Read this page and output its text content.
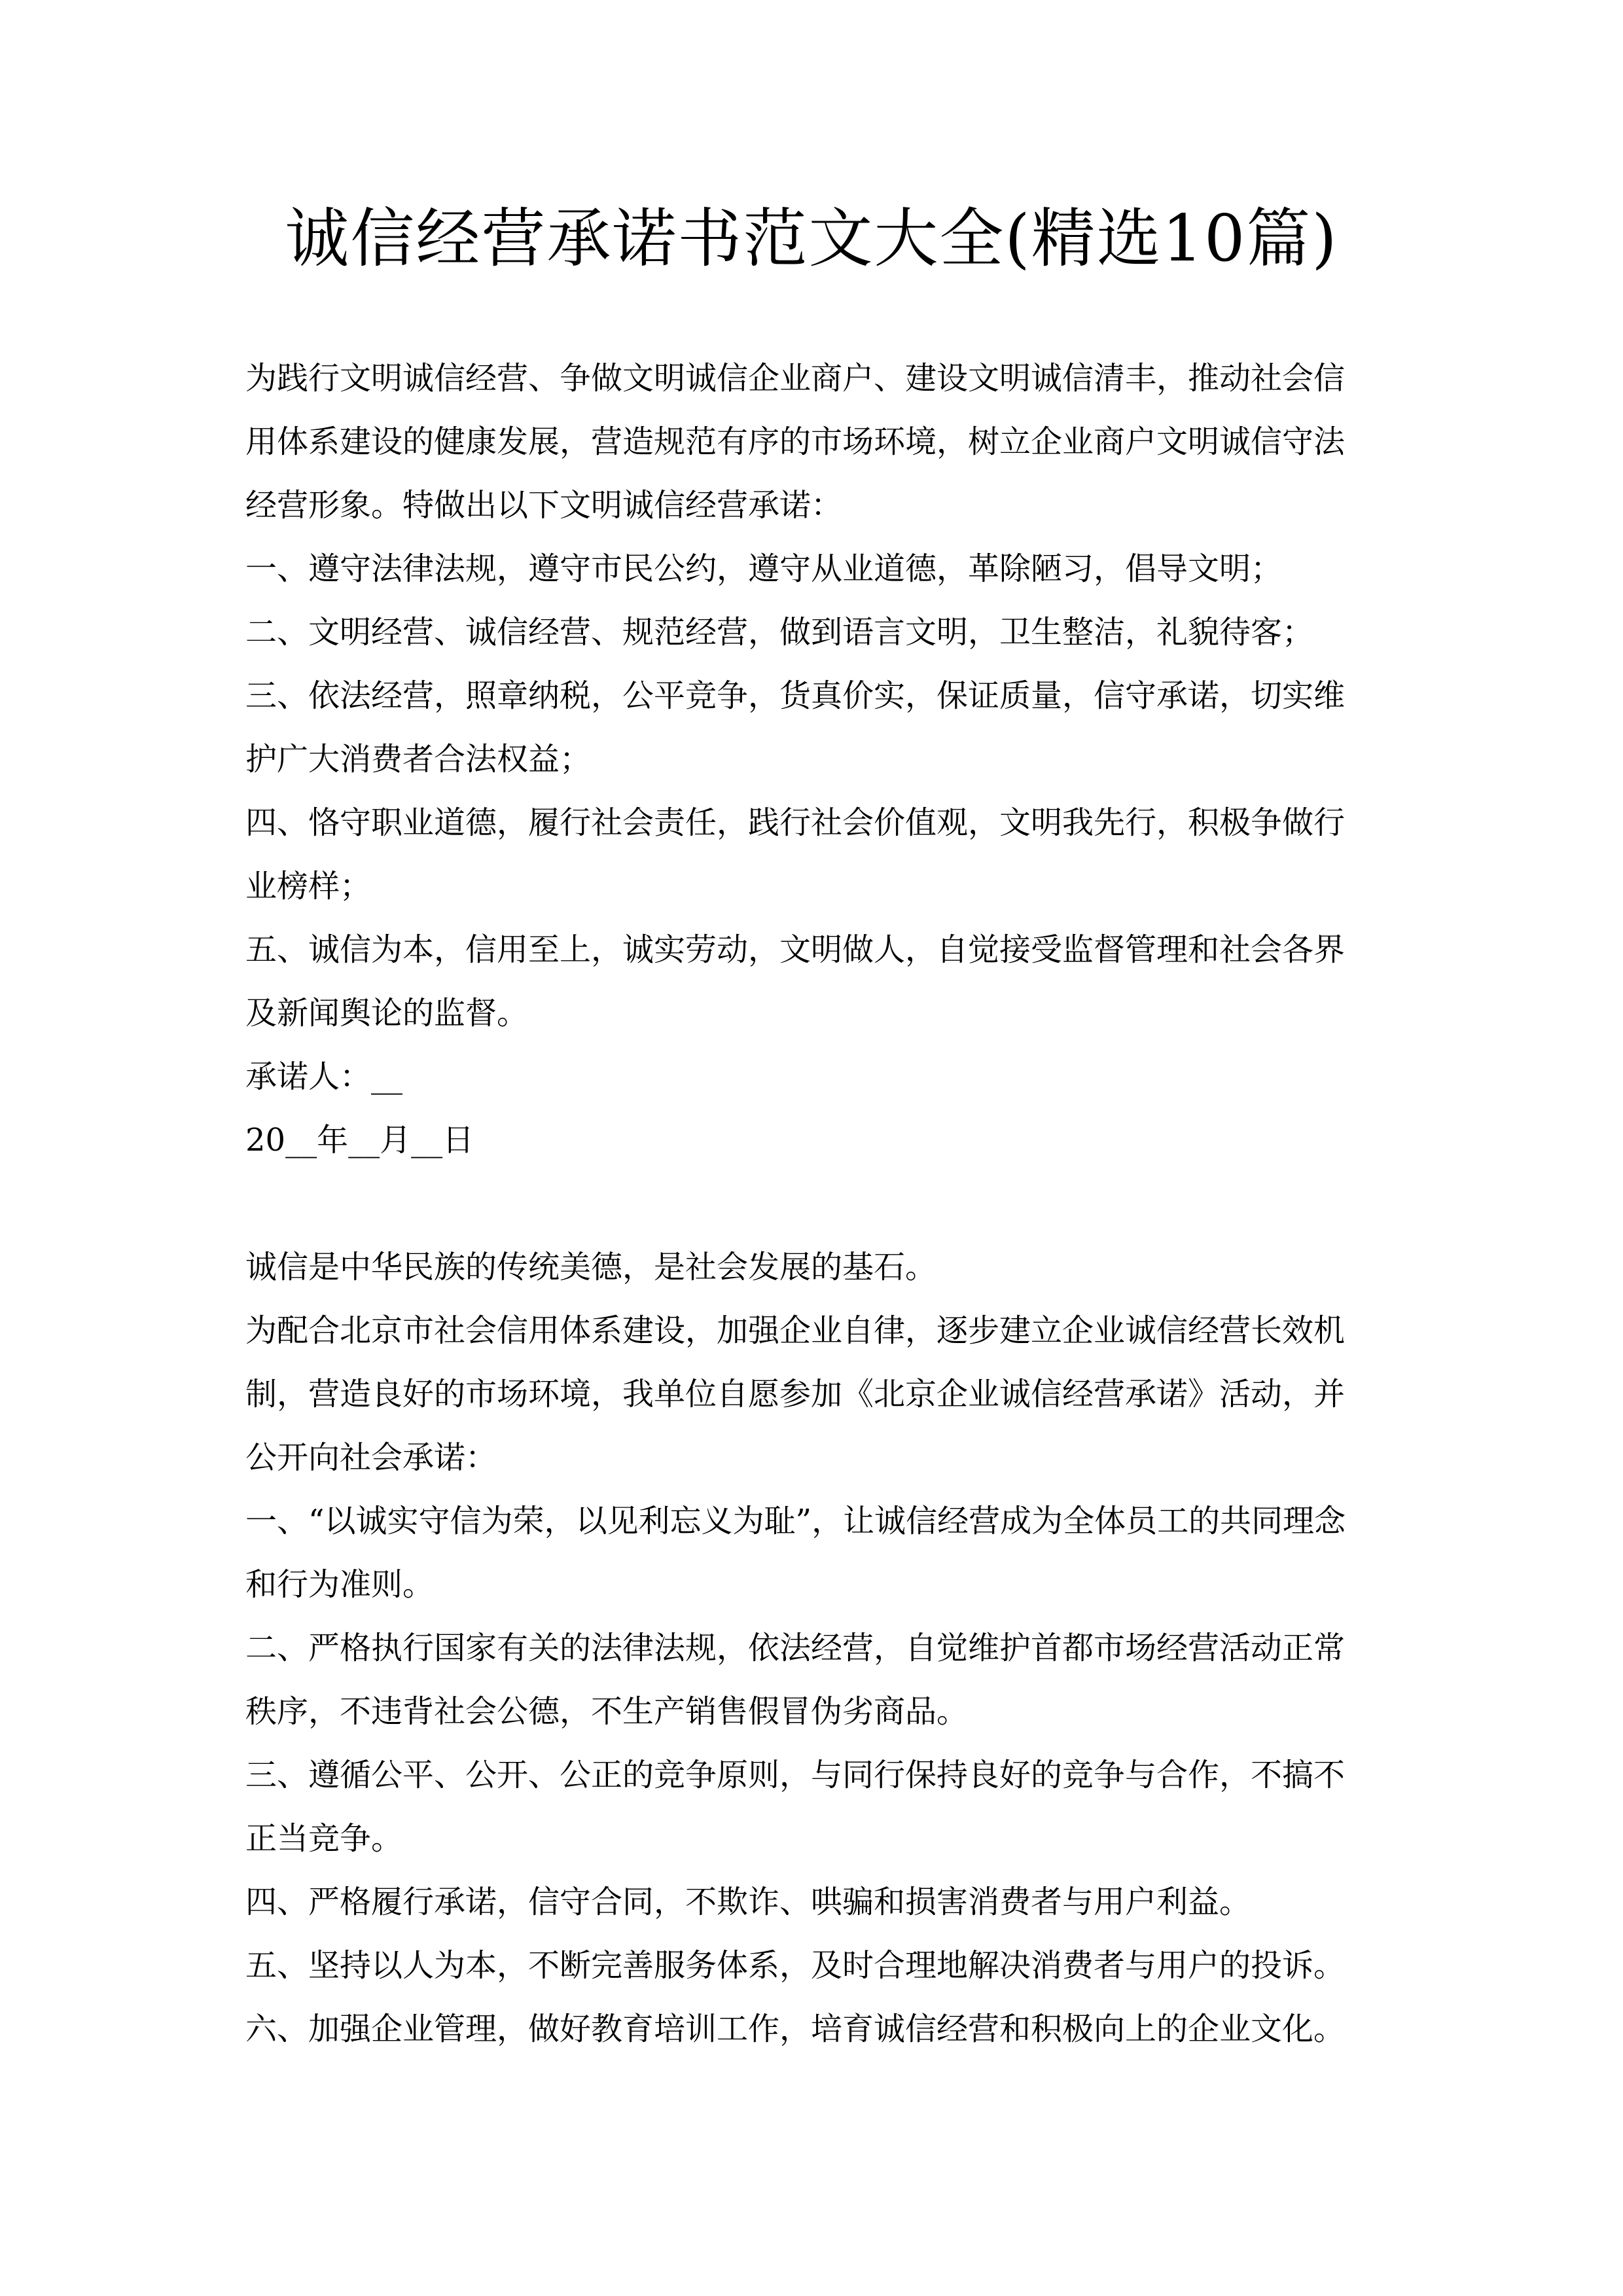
诚信经营承诺书范文大全(精选10篇)
为践行文明诚信经营、争做文明诚信企业商户、建设文明诚信清丰，推动社会信
用体系建设的健康发展，营造规范有序的市场环境，树立企业商户文明诚信守法
经营形象。特做出以下文明诚信经营承诺：
一、遵守法律法规，遵守市民公约，遵守从业道德，革除陋习，倡导文明；
二、文明经营、诚信经营、规范经营，做到语言文明，卫生整洁，礼貌待客；
三、依法经营，照章纳税，公平竞争，货真价实，保证质量，信守承诺，切实维
护广大消费者合法权益；
四、恪守职业道德，履行社会责任，践行社会价值观，文明我先行，积极争做行
业榜样；
五、诚信为本，信用至上，诚实劳动，文明做人，自觉接受监督管理和社会各界
及新闻舆论的监督。
承诺人：__
20__年__月__日
诚信是中华民族的传统美德，是社会发展的基石。
为配合北京市社会信用体系建设，加强企业自律，逐步建立企业诚信经营长效机
制，营造良好的市场环境，我单位自愿参加《北京企业诚信经营承诺》活动，并
公开向社会承诺：
一、“以诚实守信为荣，以见利忘义为耻”，让诚信经营成为全体员工的共同理念
和行为准则。
二、严格执行国家有关的法律法规，依法经营，自觉维护首都市场经营活动正常
秩序，不违背社会公德，不生产销售假冒伪劣商品。
三、遵循公平、公开、公正的竞争原则，与同行保持良好的竞争与合作，不搞不
正当竞争。
四、严格履行承诺，信守合同，不欺诈、哄骗和损害消费者与用户利益。
五、坚持以人为本，不断完善服务体系，及时合理地解决消费者与用户的投诉。
六、加强企业管理，做好教育培训工作，培育诚信经营和积极向上的企业文化。
